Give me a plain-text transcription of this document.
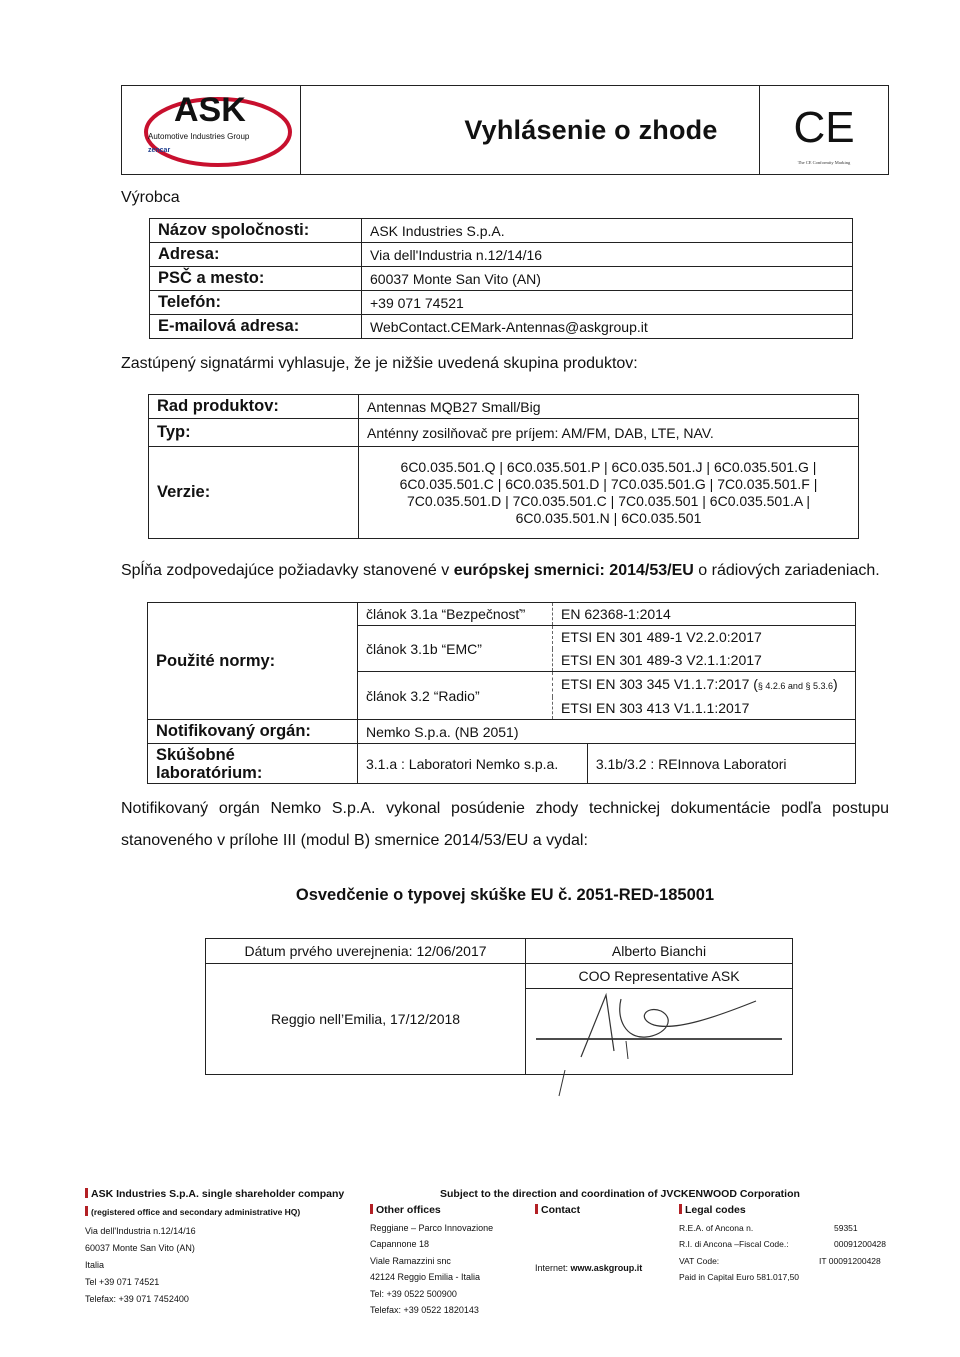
ASK
Automotive Industries Group
zencar
Vyhlásenie o zhode	CE
The CE Conformity Marking
Výrobca
Názov spoločnosti:	ASK Industries S.p.A.
Adresa:	Via dell'Industria n.12/14/16
PSČ a mesto:	60037 Monte San Vito (AN)
Telefón:	+39 071 74521
E-mailová adresa:	WebContact.CEMark-Antennas@askgroup.it
Zastúpený signatármi vyhlasuje, že je nižšie uvedená skupina produktov:
Rad produktov:	Antennas MQB27 Small/Big
Typ:	Anténny zosilňovač pre príjem: AM/FM, DAB, LTE, NAV.
Verzie:	6C0.035.501.Q | 6C0.035.501.P | 6C0.035.501.J | 6C0.035.501.G |
6C0.035.501.C | 6C0.035.501.D | 7C0.035.501.G | 7C0.035.501.F |
7C0.035.501.D | 7C0.035.501.C | 7C0.035.501 | 6C0.035.501.A |
6C0.035.501.N | 6C0.035.501
Spĺňa zodpovedajúce požiadavky stanovené v európskej smernici: 2014/53/EU o rádiových zariadeniach.
Použité normy:	článok 3.1a “Bezpečnosť”	EN 62368-1:2014	
	článok 3.1b “EMC”	ETSI EN 301 489-1 V2.2.0:2017	
		ETSI EN 301 489-3 V2.1.1:2017	
	článok 3.2 “Radio”	ETSI EN 303 345 V1.1.7:2017 (§ 4.2.6 and § 5.3.6)	
		ETSI EN 303 413 V1.1.1:2017	
Notifikovaný orgán:	Nemko S.p.a. (NB 2051)		

Skúšobné
laboratórium:	3.1.a : Laboratori Nemko s.p.a.		3.1b/3.2 : REInnova Laboratori
Notifikovaný orgán Nemko S.p.A. vykonal posúdenie zhody technickej dokumentácie podľa postupu
stanoveného v prílohe III (modul B) smernice 2014/53/EU a vydal:
Osvedčenie o typovej skúške EU č. 2051-RED-185001
Dátum prvého uverejnenia: 12/06/2017	Alberto Bianchi
Reggio nell’Emilia, 17/12/2018	COO Representative ASK

ASK Industries S.p.A. single shareholder company
(registered office and secondary administrative HQ)
Via dell'Industria n.12/14/16
60037 Monte San Vito (AN)
Italia
Tel +39 071 74521
Telefax: +39 071 7452400
Subject to the direction and coordination of JVCKENWOOD Corporation
Other offices
Reggiane – Parco Innovazione
Capannone 18
Viale Ramazzini snc
42124 Reggio Emilia - Italia
Tel: +39 0522 500900
Telefax: +39 0522 1820143
Contact
Internet: www.askgroup.it
Legal codes
R.E.A. of Ancona n.	59351
R.I. di Ancona –Fiscal Code.:	00091200428
VAT Code:	IT 00091200428
Paid in Capital Euro 581.017,50
